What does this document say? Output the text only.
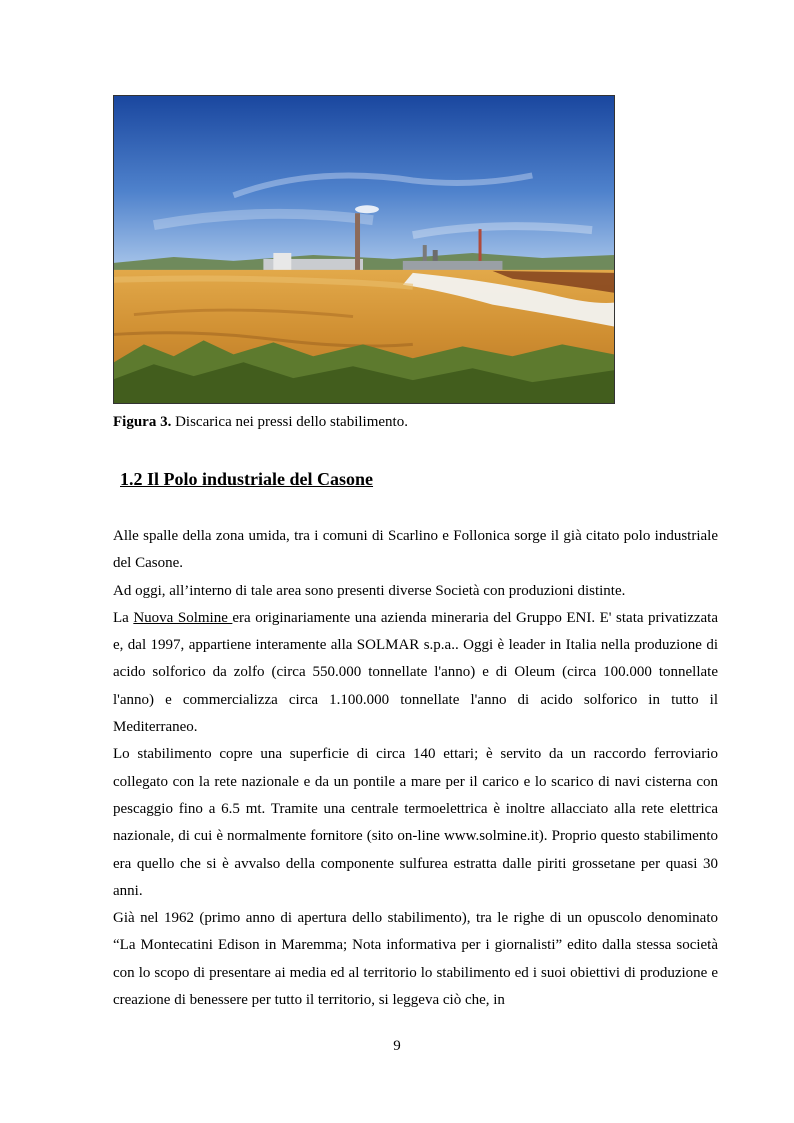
Figura 3. Discarica nei pressi dello stabilimento.
1.2 Il Polo industriale del Casone

Alle spalle della zona umida, tra i comuni di Scarlino e Follonica sorge il già citato polo industriale del Casone.

Ad oggi, all’interno di tale area sono presenti diverse Società con produzioni distinte.

La Nuova Solmine era originariamente una azienda mineraria del Gruppo ENI. E' stata privatizzata e, dal 1997, appartiene interamente alla SOLMAR s.p.a.. Oggi è leader in Italia nella produzione di acido solforico da zolfo (circa 550.000 tonnellate l'anno) e di Oleum (circa 100.000 tonnellate l'anno) e commercializza circa 1.100.000 tonnellate l'anno di acido solforico in tutto il Mediterraneo.

Lo stabilimento copre una superficie di circa 140 ettari; è servito da un raccordo ferroviario collegato con la rete nazionale e da un pontile a mare per il carico e lo scarico di navi cisterna con pescaggio fino a 6.5 mt. Tramite una centrale termoelettrica è inoltre allacciato alla rete elettrica nazionale, di cui è normalmente fornitore (sito on-line www.solmine.it). Proprio questo stabilimento era quello che si è avvalso della componente sulfurea estratta dalle piriti grossetane per quasi 30 anni.

Già nel 1962 (primo anno di apertura dello stabilimento), tra le righe di un opuscolo denominato “La Montecatini Edison in Maremma; Nota informativa per i giornalisti” edito dalla stessa società con lo scopo di presentare ai media ed al territorio lo stabilimento ed i suoi obiettivi di produzione e creazione di benessere per tutto il territorio, si leggeva ciò che, in

9
